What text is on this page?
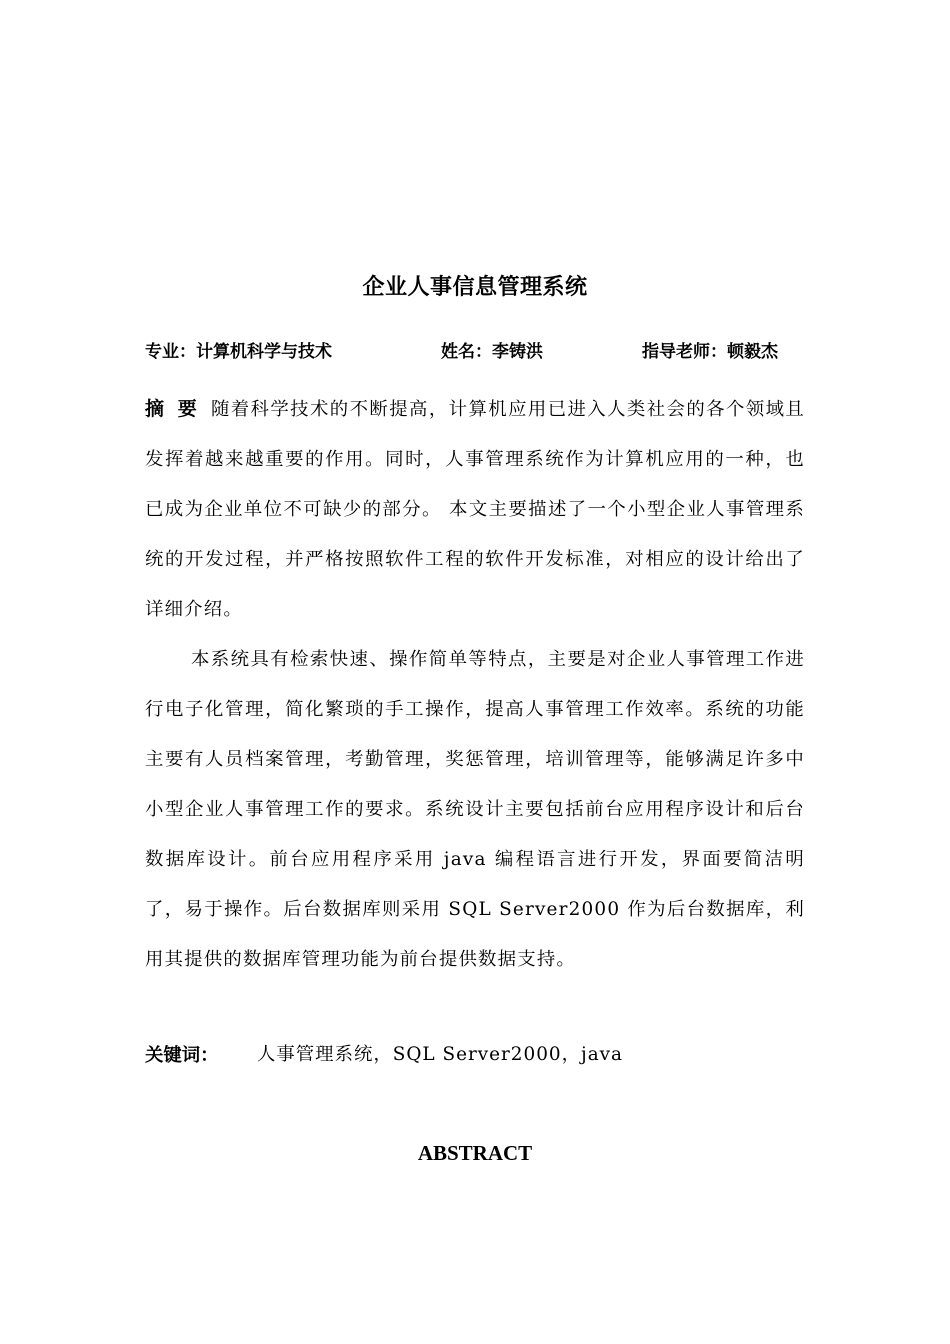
企业人事信息管理系统
专业：计算机科学与技术	姓名：李铸洪	指导老师：顿毅杰
摘 要 随着科学技术的不断提高，计算机应用已进入人类社会的各个领域且发挥着越来越重要的作用。同时，人事管理系统作为计算机应用的一种，也已成为企业单位不可缺少的部分。 本文主要描述了一个小型企业人事管理系统的开发过程，并严格按照软件工程的软件开发标准，对相应的设计给出了详细介绍。
本系统具有检索快速、操作简单等特点，主要是对企业人事管理工作进行电子化管理，简化繁琐的手工操作，提高人事管理工作效率。系统的功能主要有人员档案管理，考勤管理，奖惩管理，培训管理等，能够满足许多中小型企业人事管理工作的要求。系统设计主要包括前台应用程序设计和后台数据库设计。前台应用程序采用 java 编程语言进行开发，界面要简洁明了，易于操作。后台数据库则采用 SQL Server2000 作为后台数据库，利用其提供的数据库管理功能为前台提供数据支持。
关键词： 人事管理系统，SQL Server2000，java
ABSTRACT
